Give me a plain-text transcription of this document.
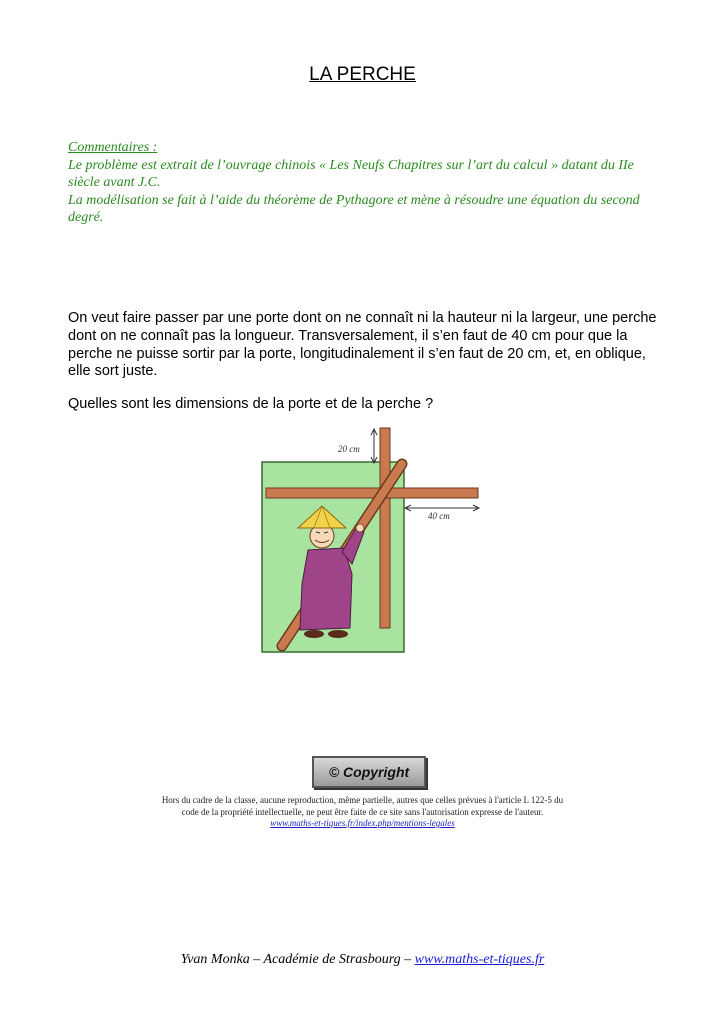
LA PERCHE
Commentaires :
Le problème est extrait de l’ouvrage chinois « Les Neufs Chapitres sur l’art du calcul » datant du IIe siècle avant J.C.
La modélisation se fait à l’aide du théorème de Pythagore et mène à résoudre une équation du second degré.
On veut faire passer par une porte dont on ne connaît ni la hauteur ni la largeur, une perche dont on ne connaît pas la longueur. Transversalement, il s’en faut de 40 cm pour que la perche ne puisse sortir par la porte, longitudinalement il s’en faut de 20 cm, et, en oblique, elle sort juste.
Quelles sont les dimensions de la porte et de la perche ?
20 cm
40 cm
© Copyright
Hors du cadre de la classe, aucune reproduction, même partielle, autres que celles prévues à l'article L 122-5 du
code de la propriété intellectuelle, ne peut être faite de ce site sans l'autorisation expresse de l'auteur.
www.maths-et-tiques.fr/index.php/mentions-legales
Yvan Monka – Académie de Strasbourg – www.maths-et-tiques.fr
